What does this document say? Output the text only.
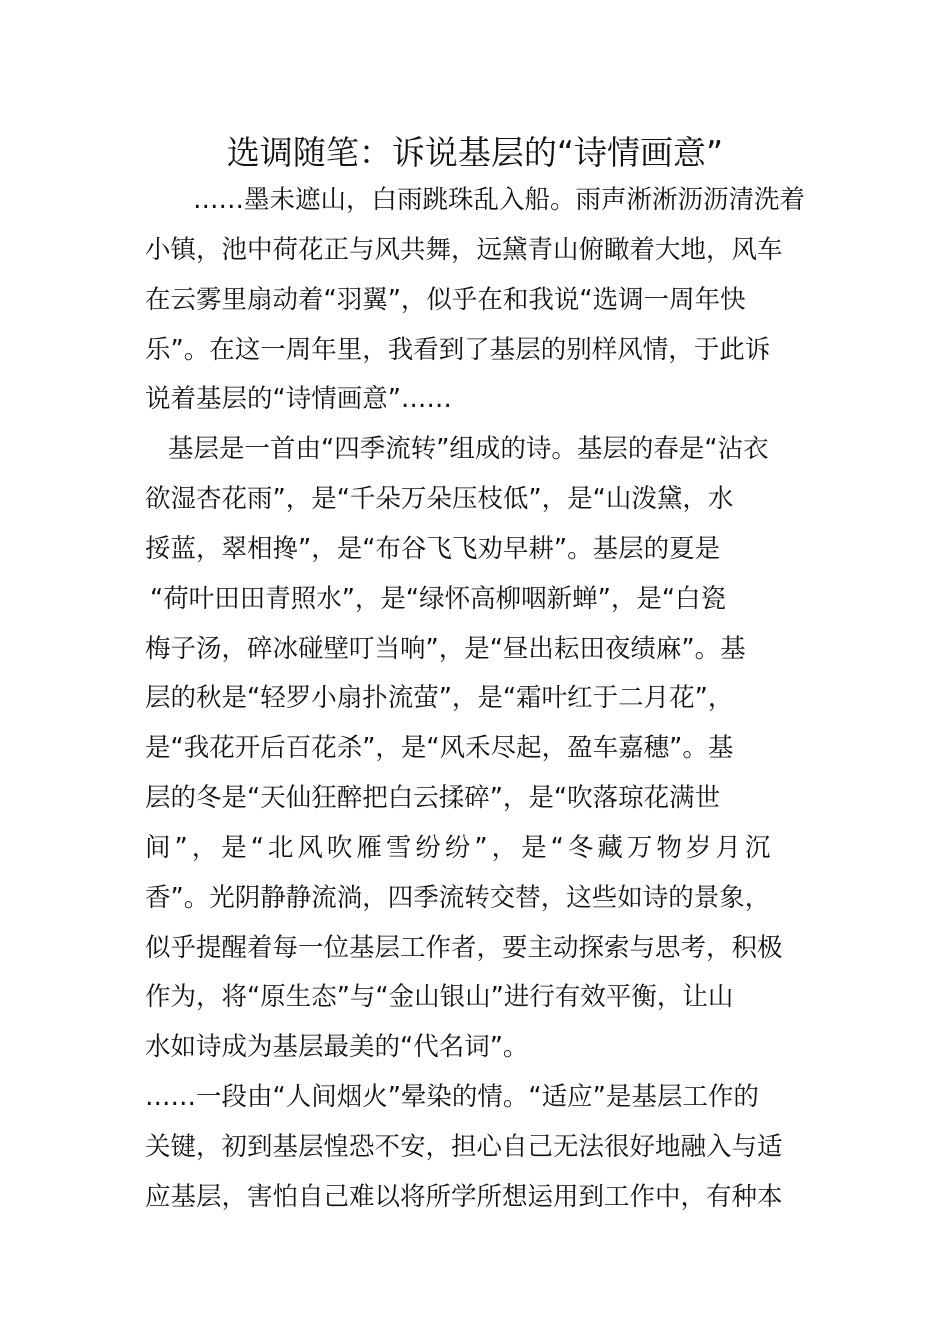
选调随笔：诉说基层的“诗情画意”

……墨未遮山，白雨跳珠乱入船。雨声淅淅沥沥清洗着

小镇，池中荷花正与风共舞，远黛青山俯瞰着大地，风车

在云雾里扇动着“羽翼”，似乎在和我说“选调一周年快

乐”。在这一周年里，我看到了基层的别样风情，于此诉

说着基层的“诗情画意”……

基层是一首由“四季流转”组成的诗。基层的春是“沾衣

欲湿杏花雨”，是“千朵万朵压枝低”，是“山泼黛，水

挼蓝，翠相搀”，是“布谷飞飞劝早耕”。基层的夏是

“荷叶田田青照水”，是“绿怀高柳咽新蝉”，是“白瓷

梅子汤，碎冰碰壁叮当响”，是“昼出耘田夜绩麻”。基

层的秋是“轻罗小扇扑流萤”，是“霜叶红于二月花”，

是“我花开后百花杀”，是“风禾尽起，盈车嘉穗”。基

层的冬是“天仙狂醉把白云揉碎”，是“吹落琼花满世

间”，是“北风吹雁雪纷纷”，是“冬藏万物岁月沉

香”。光阴静静流淌，四季流转交替，这些如诗的景象，

似乎提醒着每一位基层工作者，要主动探索与思考，积极

作为，将“原生态”与“金山银山”进行有效平衡，让山

水如诗成为基层最美的“代名词”。

……一段由“人间烟火”晕染的情。“适应”是基层工作的

关键，初到基层惶恐不安，担心自己无法很好地融入与适

应基层，害怕自己难以将所学所想运用到工作中，有种本
